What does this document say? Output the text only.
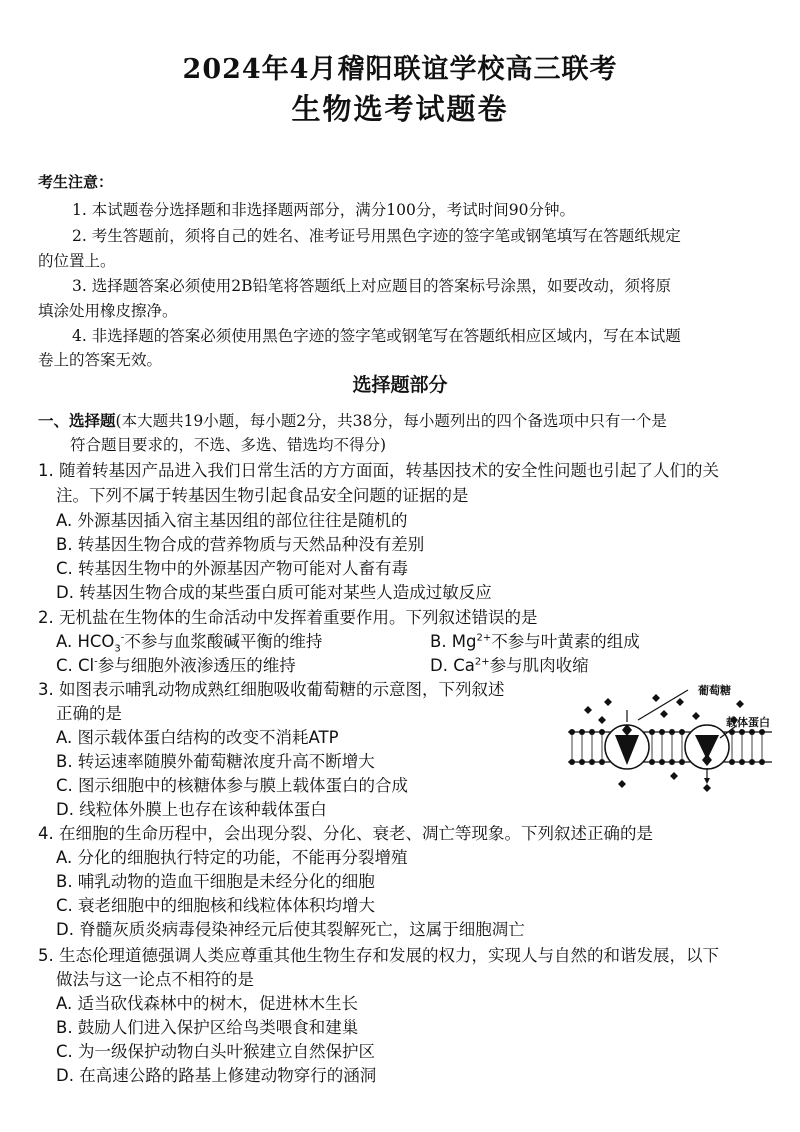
2024年4月稽阳联谊学校高三联考
生物选考试题卷
考生注意：
1. 本试题卷分选择题和非选择题两部分，满分100分，考试时间90分钟。
2. 考生答题前，须将自己的姓名、准考证号用黑色字迹的签字笔或钢笔填写在答题纸规定
的位置上。
3. 选择题答案必须使用2B铅笔将答题纸上对应题目的答案标号涂黑，如要改动，须将原
填涂处用橡皮擦净。
4. 非选择题的答案必须使用黑色字迹的签字笔或钢笔写在答题纸相应区域内，写在本试题
卷上的答案无效。
选择题部分
一、选择题(本大题共19小题，每小题2分，共38分，每小题列出的四个备选项中只有一个是
符合题目要求的，不选、多选、错选均不得分)
1. 随着转基因产品进入我们日常生活的方方面面，转基因技术的安全性问题也引起了人们的关
注。下列不属于转基因生物引起食品安全问题的证据的是
A. 外源基因插入宿主基因组的部位往往是随机的
B. 转基因生物合成的营养物质与天然品种没有差别
C. 转基因生物中的外源基因产物可能对人畜有毒
D. 转基因生物合成的某些蛋白质可能对某些人造成过敏反应
2. 无机盐在生物体的生命活动中发挥着重要作用。下列叙述错误的是
A. $HCO_3^-$不参与血浆酸碱平衡的维持	B. $Mg^{2+}$不参与叶黄素的组成
C. Cl-参与细胞外液渗透压的维持	D. $Ca^{2+}$参与肌肉收缩
3. 如图表示哺乳动物成熟红细胞吸收葡萄糖的示意图，下列叙述
正确的是
A. 图示载体蛋白结构的改变不消耗ATP
B. 转运速率随膜外葡萄糖浓度升高不断增大
C. 图示细胞中的核糖体参与膜上载体蛋白的合成
D. 线粒体外膜上也存在该种载体蛋白
葡萄糖
载体蛋白
4. 在细胞的生命历程中，会出现分裂、分化、衰老、凋亡等现象。下列叙述正确的是
A. 分化的细胞执行特定的功能，不能再分裂增殖
B. 哺乳动物的造血干细胞是未经分化的细胞
C. 衰老细胞中的细胞核和线粒体体积均增大
D. 脊髓灰质炎病毒侵染神经元后使其裂解死亡，这属于细胞凋亡
5. 生态伦理道德强调人类应尊重其他生物生存和发展的权力，实现人与自然的和谐发展，以下
做法与这一论点不相符的是
A. 适当砍伐森林中的树木，促进林木生长
B. 鼓励人们进入保护区给鸟类喂食和建巢
C. 为一级保护动物白头叶猴建立自然保护区
D. 在高速公路的路基上修建动物穿行的涵洞
